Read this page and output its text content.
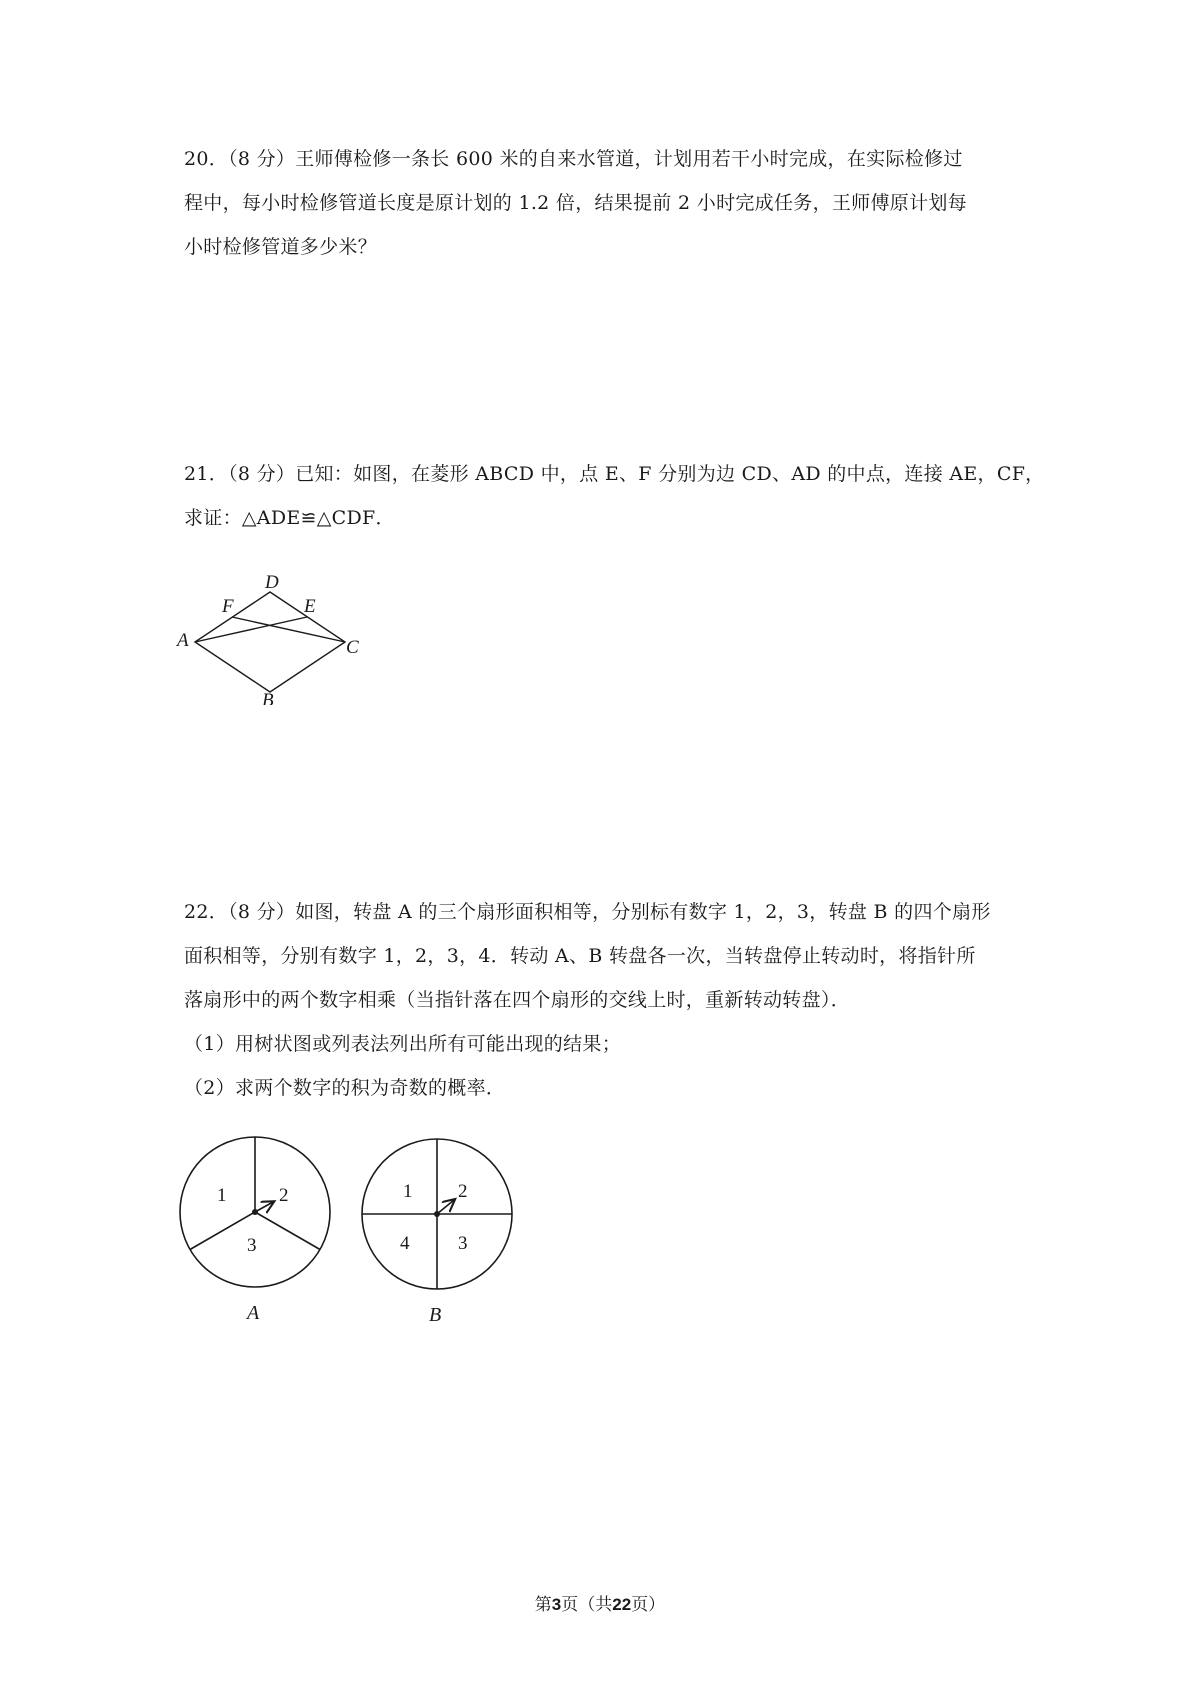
20．（8 分）王师傅检修一条长 600 米的自来水管道，计划用若干小时完成，在实际检修过
程中，每小时检修管道长度是原计划的 1.2 倍，结果提前 2 小时完成任务，王师傅原计划每
小时检修管道多少米？
21．（8 分）已知：如图，在菱形 ABCD 中，点 E、F 分别为边 CD、AD 的中点，连接 AE，CF，
求证：△ADE≌△CDF．
A
B
C
D
E
F
22．（8 分）如图，转盘 A 的三个扇形面积相等，分别标有数字 1，2，3，转盘 B 的四个扇形
面积相等，分别有数字 1，2，3，4．转动 A、B 转盘各一次，当转盘停止转动时，将指针所
落扇形中的两个数字相乘（当指针落在四个扇形的交线上时，重新转动转盘）．
（1）用树状图或列表法列出所有可能出现的结果；
（2）求两个数字的积为奇数的概率．
1	2
3
A
1 2
3
4
B
第3页（共22页）
